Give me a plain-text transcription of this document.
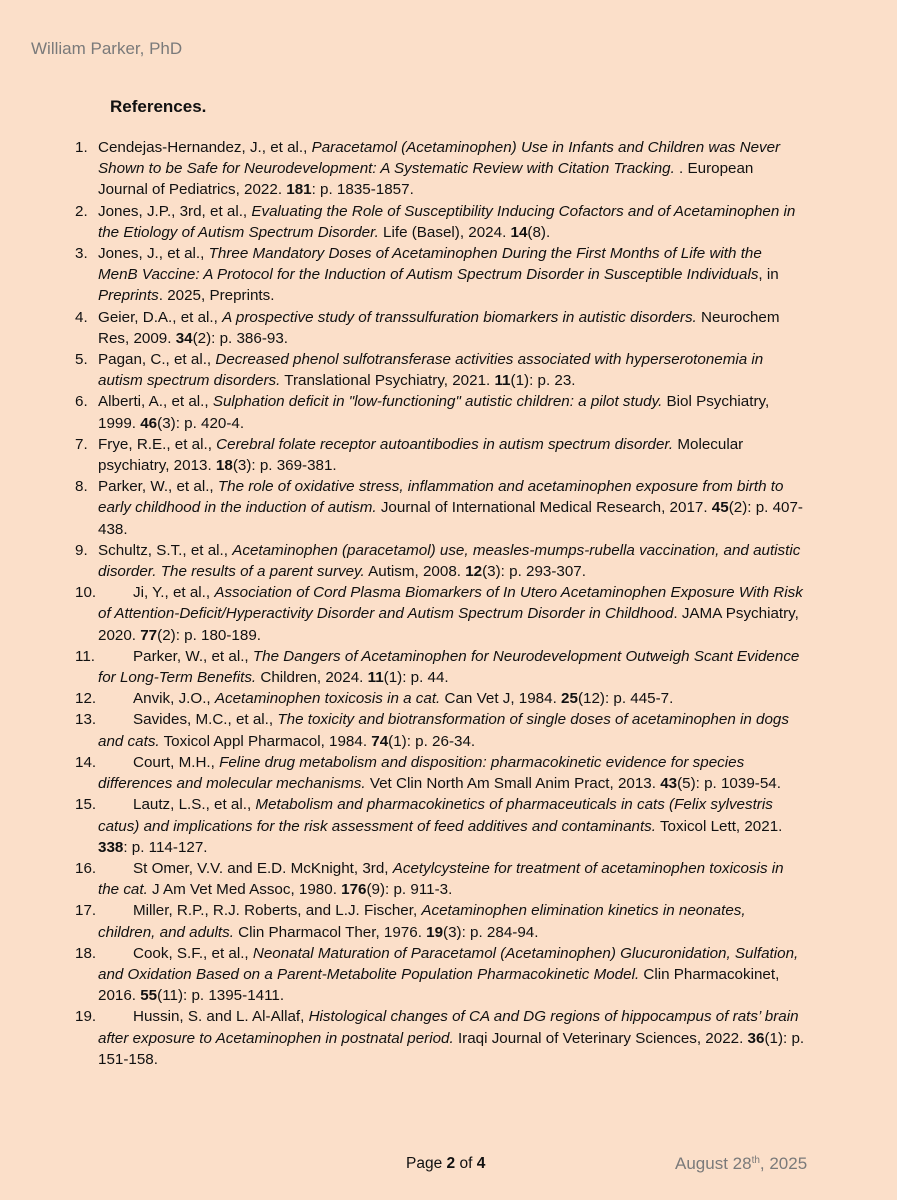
William Parker, PhD
References.
1. Cendejas-Hernandez, J., et al., Paracetamol (Acetaminophen) Use in Infants and Children was Never Shown to be Safe for Neurodevelopment: A Systematic Review with Citation Tracking. . European Journal of Pediatrics, 2022. 181: p. 1835-1857.
2. Jones, J.P., 3rd, et al., Evaluating the Role of Susceptibility Inducing Cofactors and of Acetaminophen in the Etiology of Autism Spectrum Disorder. Life (Basel), 2024. 14(8).
3. Jones, J., et al., Three Mandatory Doses of Acetaminophen During the First Months of Life with the MenB Vaccine: A Protocol for the Induction of Autism Spectrum Disorder in Susceptible Individuals, in Preprints. 2025, Preprints.
4. Geier, D.A., et al., A prospective study of transsulfuration biomarkers in autistic disorders. Neurochem Res, 2009. 34(2): p. 386-93.
5. Pagan, C., et al., Decreased phenol sulfotransferase activities associated with hyperserotonemia in autism spectrum disorders. Translational Psychiatry, 2021. 11(1): p. 23.
6. Alberti, A., et al., Sulphation deficit in "low-functioning" autistic children: a pilot study. Biol Psychiatry, 1999. 46(3): p. 420-4.
7. Frye, R.E., et al., Cerebral folate receptor autoantibodies in autism spectrum disorder. Molecular psychiatry, 2013. 18(3): p. 369-381.
8. Parker, W., et al., The role of oxidative stress, inflammation and acetaminophen exposure from birth to early childhood in the induction of autism. Journal of International Medical Research, 2017. 45(2): p. 407-438.
9. Schultz, S.T., et al., Acetaminophen (paracetamol) use, measles-mumps-rubella vaccination, and autistic disorder. The results of a parent survey. Autism, 2008. 12(3): p. 293-307.
10. Ji, Y., et al., Association of Cord Plasma Biomarkers of In Utero Acetaminophen Exposure With Risk of Attention-Deficit/Hyperactivity Disorder and Autism Spectrum Disorder in Childhood. JAMA Psychiatry, 2020. 77(2): p. 180-189.
11.	Parker, W., et al., The Dangers of Acetaminophen for Neurodevelopment Outweigh Scant Evidence for Long-Term Benefits. Children, 2024. 11(1): p. 44.
12. Anvik, J.O., Acetaminophen toxicosis in a cat. Can Vet J, 1984. 25(12): p. 445-7.
13. Savides, M.C., et al., The toxicity and biotransformation of single doses of acetaminophen in dogs and cats. Toxicol Appl Pharmacol, 1984. 74(1): p. 26-34.
14. Court, M.H., Feline drug metabolism and disposition: pharmacokinetic evidence for species differences and molecular mechanisms. Vet Clin North Am Small Anim Pract, 2013. 43(5): p. 1039-54.
15. Lautz, L.S., et al., Metabolism and pharmacokinetics of pharmaceuticals in cats (Felix sylvestris catus) and implications for the risk assessment of feed additives and contaminants. Toxicol Lett, 2021. 338: p. 114-127.
16. St Omer, V.V. and E.D. McKnight, 3rd, Acetylcysteine for treatment of acetaminophen toxicosis in the cat. J Am Vet Med Assoc, 1980. 176(9): p. 911-3.
17. Miller, R.P., R.J. Roberts, and L.J. Fischer, Acetaminophen elimination kinetics in neonates, children, and adults. Clin Pharmacol Ther, 1976. 19(3): p. 284-94.
18. Cook, S.F., et al., Neonatal Maturation of Paracetamol (Acetaminophen) Glucuronidation, Sulfation, and Oxidation Based on a Parent-Metabolite Population Pharmacokinetic Model. Clin Pharmacokinet, 2016. 55(11): p. 1395-1411.
19. Hussin, S. and L. Al-Allaf, Histological changes of CA and DG regions of hippocampus of rats’ brain after exposure to Acetaminophen in postnatal period. Iraqi Journal of Veterinary Sciences, 2022. 36(1): p. 151-158.
Page 2 of 4	August 28th, 2025
